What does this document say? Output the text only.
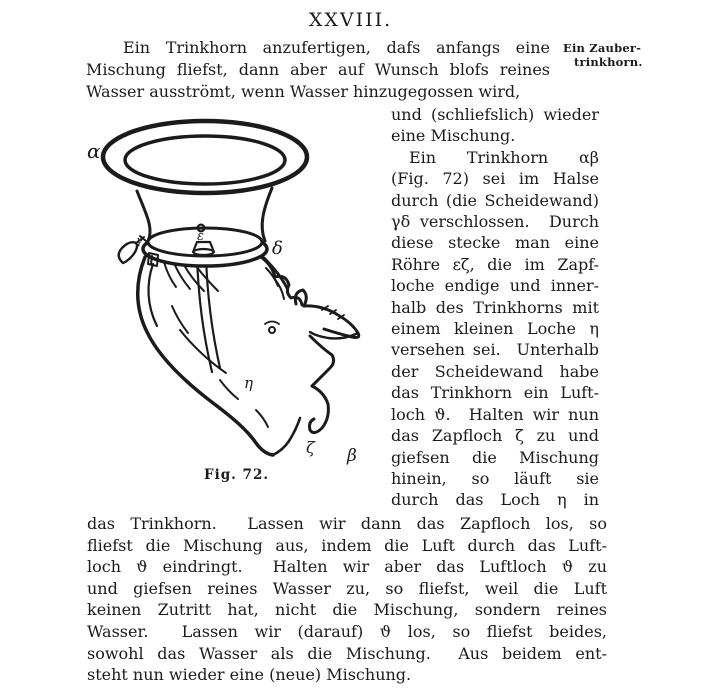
XXVIII.
Ein Trinkhorn anzufertigen, dafs anfangs eine
Mischung fliefst, dann aber auf Wunsch blofs reines
Wasser ausströmt, wenn Wasser hinzugegossen wird,
Ein Zauber-
trinkhorn.
α
γ	ε
δ
η
ζ β
Fig. 72.
und (schliefslich) wieder
eine Mischung.
Ein Trinkhorn αβ
(Fig. 72) sei im Halse
durch (die Scheidewand)
γδ verschlossen.  Durch
diese stecke man eine
Röhre εζ, die im Zapf-
loche endige und inner-
halb des Trinkhorns mit
einem kleinen Loche η
versehen sei.  Unterhalb
der Scheidewand habe
das Trinkhorn ein Luft-
loch ϑ.  Halten wir nun
das Zapfloch ζ zu und
giefsen die Mischung
hinein, so läuft sie
durch das Loch η in
das Trinkhorn.  Lassen wir dann das Zapfloch los, so
fliefst die Mischung aus, indem die Luft durch das Luft-
loch ϑ eindringt.  Halten wir aber das Luftloch ϑ zu
und giefsen reines Wasser zu, so fliefst, weil die Luft
keinen Zutritt hat, nicht die Mischung, sondern reines
Wasser.  Lassen wir (darauf) ϑ los, so fliefst beides,
sowohl das Wasser als die Mischung.  Aus beidem ent-
steht nun wieder eine (neue) Mischung.
